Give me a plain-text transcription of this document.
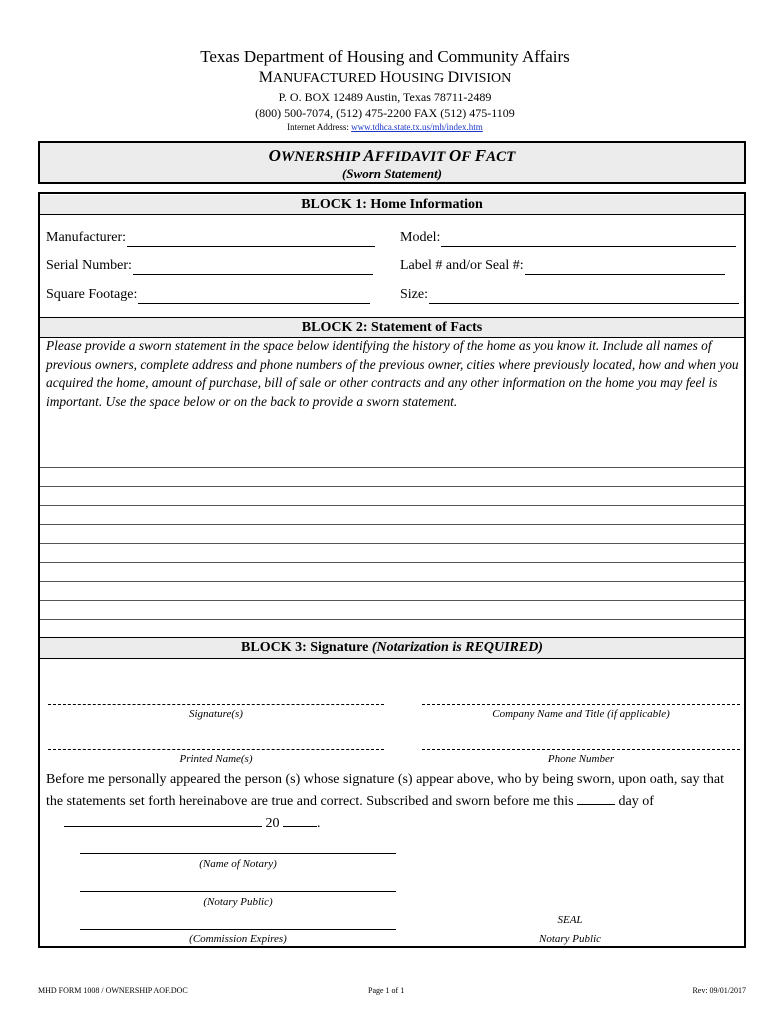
Texas Department of Housing and Community Affairs
MANUFACTURED HOUSING DIVISION
P. O. BOX 12489 Austin, Texas 78711-2489
(800) 500-7074, (512) 475-2200 FAX (512) 475-1109
Internet Address: www.tdhca.state.tx.us/mh/index.htm
OWNERSHIP AFFIDAVIT OF FACT
(Sworn Statement)
BLOCK 1: Home Information
Manufacturer:	Model:
Serial Number:	Label # and/or Seal #:
Square Footage:	Size:
BLOCK 2: Statement of Facts
Please provide a sworn statement in the space below identifying the history of the home as you know it. Include all names of previous owners, complete address and phone numbers of the previous owner, cities where previously located, how and when you acquired the home, amount of purchase, bill of sale or other contracts and any other information on the home you may feel is important. Use the space below or on the back to provide a sworn statement.
BLOCK 3: Signature (Notarization is REQUIRED)
Signature(s)	Company Name and Title (if applicable)
Printed Name(s)	Phone Number
Before me personally appeared the person (s) whose signature (s) appear above, who by being sworn, upon oath, say that the statements set forth hereinabove are true and correct. Subscribed and sworn before me this	day of  20	.
(Name of Notary)
(Notary Public)
(Commission Expires)
SEAL
Notary Public
MHD FORM 1008 / OWNERSHIP AOF.DOC	Page 1 of 1	Rev: 09/01/2017
